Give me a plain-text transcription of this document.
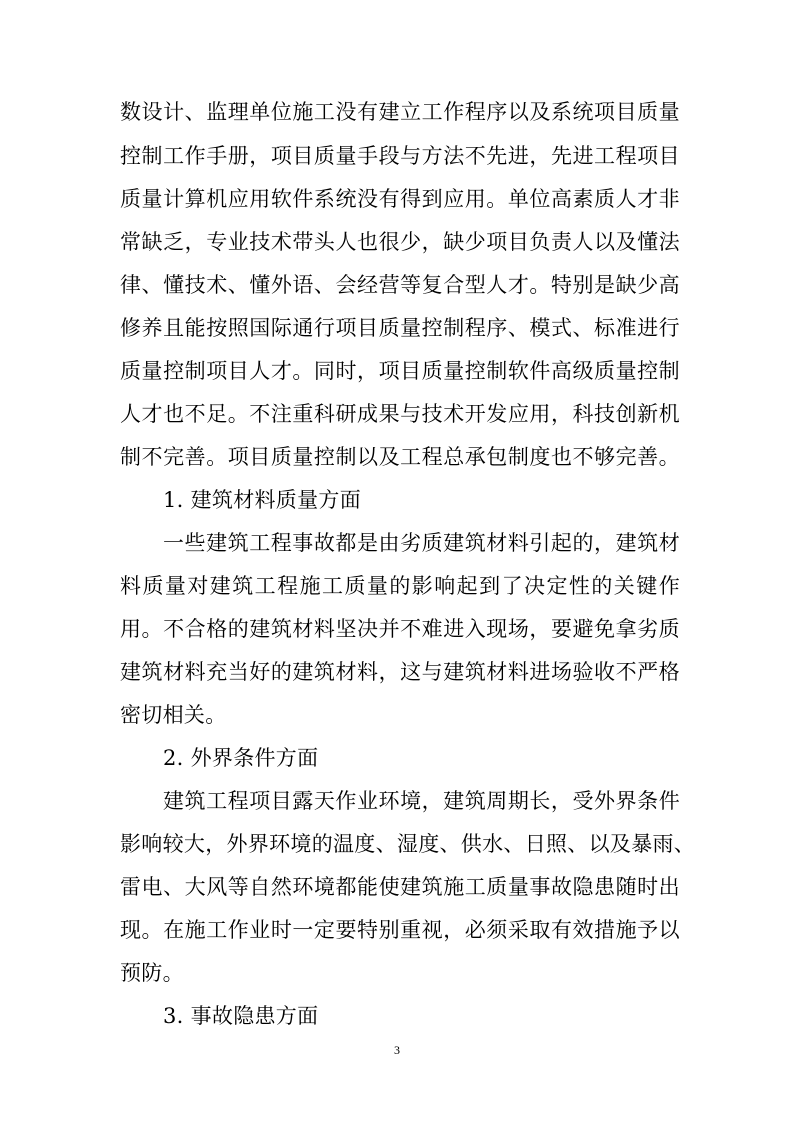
数设计、监理单位施工没有建立工作程序以及系统项目质量
控制工作手册，项目质量手段与方法不先进，先进工程项目
质量计算机应用软件系统没有得到应用。单位高素质人才非
常缺乏，专业技术带头人也很少，缺少项目负责人以及懂法
律、懂技术、懂外语、会经营等复合型人才。特别是缺少高
修养且能按照国际通行项目质量控制程序、模式、标准进行
质量控制项目人才。同时，项目质量控制软件高级质量控制
人才也不足。不注重科研成果与技术开发应用，科技创新机
制不完善。项目质量控制以及工程总承包制度也不够完善。
1. 建筑材料质量方面
一些建筑工程事故都是由劣质建筑材料引起的，建筑材
料质量对建筑工程施工质量的影响起到了决定性的关键作
用。不合格的建筑材料坚决并不难进入现场，要避免拿劣质
建筑材料充当好的建筑材料，这与建筑材料进场验收不严格
密切相关。
2. 外界条件方面
建筑工程项目露天作业环境，建筑周期长，受外界条件
影响较大，外界环境的温度、湿度、供水、日照、以及暴雨、
雷电、大风等自然环境都能使建筑施工质量事故隐患随时出
现。在施工作业时一定要特别重视，必须采取有效措施予以
预防。
3. 事故隐患方面
3
